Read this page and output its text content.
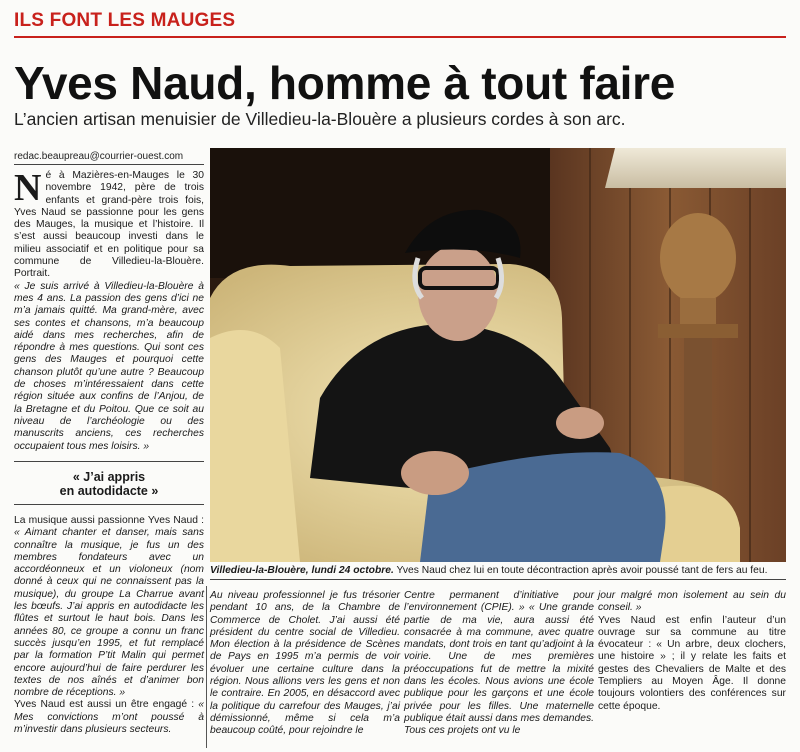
ILS FONT LES MAUGES
Yves Naud, homme à tout faire
L’ancien artisan menuisier de Villedieu-la-Blouère a plusieurs cordes à son arc.
redac.beaupreau@courrier-ouest.com

Né à Mazières-en-Mauges le 30 novembre 1942, père de trois enfants et grand-père trois fois, Yves Naud se passionne pour les gens des Mauges, la musique et l’histoire. Il s’est aussi beaucoup investi dans le milieu associatif et en politique pour sa commune de Villedieu-la-Blouère. Portrait.

« Je suis arrivé à Villedieu-la-Blouère à mes 4 ans. La passion des gens d’ici ne m’a jamais quitté. Ma grand-mère, avec ses contes et chansons, m’a beaucoup aidé dans mes recherches, afin de répondre à mes questions. Qui sont ces gens des Mauges et pourquoi cette chanson plutôt qu’une autre ? Beaucoup de choses m’intéressaient dans cette région située aux confins de l’Anjou, de la Bretagne et du Poitou. Que ce soit au niveau de l’archéologie ou des manuscrits anciens, ces recherches occupaient tous mes loisirs. »

« J’ai appris
en autodidacte »

La musique aussi passionne Yves Naud : « Aimant chanter et danser, mais sans connaître la musique, je fus un des membres fondateurs avec un accordéonneux et un violoneux (nom donné à ceux qui ne connaissent pas la musique), du groupe La Charrue avant les bœufs. J’ai appris en autodidacte les flûtes et surtout le haut bois. Dans les années 80, ce groupe a connu un franc succès jusqu’en 1995, et fut remplacé par la formation P’tit Malin qui permet encore aujourd’hui de faire perdurer les textes de nos aînés et d’animer bon nombre de réceptions. »

Yves Naud est aussi un être engagé : « Mes convictions m’ont poussé à m’investir dans plusieurs secteurs.

Villedieu-la-Blouère, lundi 24 octobre. Yves Naud chez lui en toute décontraction après avoir poussé tant de fers au feu.
Au niveau professionnel je fus trésorier pendant 10 ans, de la Chambre de Commerce de Cholet. J’ai aussi été président du centre social de Villedieu. Mon élection à la présidence de Scènes de Pays en 1995 m’a permis de voir évoluer une certaine culture dans la région. Nous allions vers les gens et non le contraire. En 2005, en désaccord avec la politique du carrefour des Mauges, j’ai démissionné, même si cela m’a beaucoup coûté, pour rejoindre le
Centre permanent d’initiative pour l’environnement (CPIE). » « Une grande partie de ma vie, aura aussi été consacrée à ma commune, avec quatre mandats, dont trois en tant qu’adjoint à la voirie. Une de mes premières préoccupations fut de mettre la mixité dans les écoles. Nous avions une école publique pour les garçons et une école privée pour les filles. Une maternelle publique était aussi dans mes demandes. Tous ces projets ont vu le

jour malgré mon isolement au sein du conseil. »

Yves Naud est enfin l’auteur d’un ouvrage sur sa commune au titre évocateur : « Un arbre, deux clochers, une histoire » ; il y relate les faits et gestes des Chevaliers de Malte et des Templiers au Moyen Âge. Il donne toujours volontiers des conférences sur cette époque.
